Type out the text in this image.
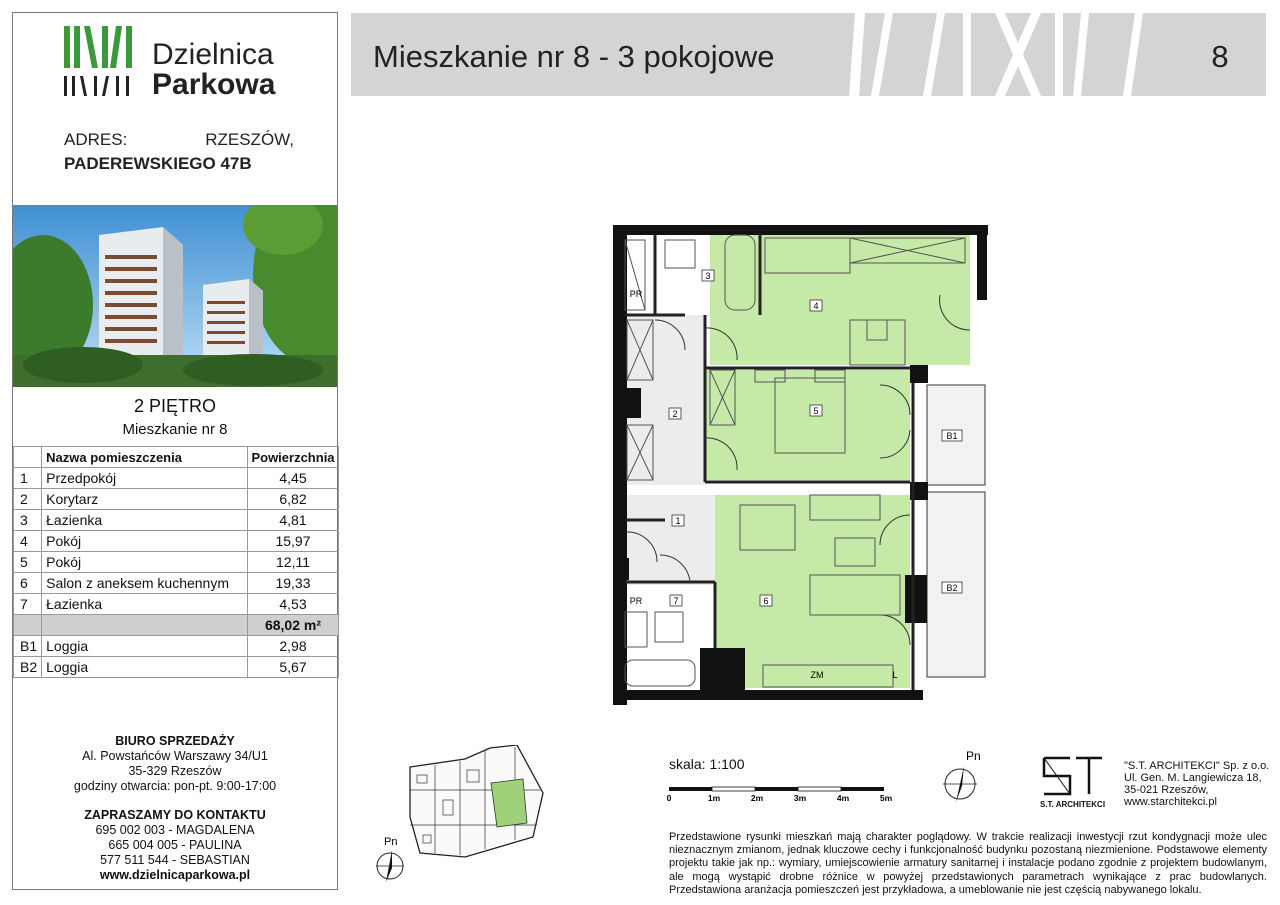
Dzielnica
Parkowa
ADRES:	RZESZÓW,
PADEREWSKIEGO 47B
2 PIĘTRO
Mieszkanie nr 8
	Nazwa pomieszczenia	Powierzchnia
1	Przedpokój	4,45
2	Korytarz	6,82
3	Łazienka	4,81
4	Pokój	15,97
5	Pokój	12,11
6	Salon z aneksem kuchennym	19,33
7	Łazienka	4,53
		68,02 m²
B1	Loggia	2,98
B2	Loggia	5,67
BIURO SPRZEDAŻY
Al. Powstańców Warszawy 34/U1
35-329 Rzeszów
godziny otwarcia: pon-pt. 9:00-17:00
ZAPRASZAMY DO KONTAKTU
695 002 003 - MAGDALENA
665 004 005 - PAULINA
577 511 544 - SEBASTIAN
www.dzielnicaparkowa.pl
Mieszkanie nr 8 - 3 pokojowe	8
2
1
3
4
5
6
7
B1
B2
PR
PR
ZM	L
skala: 1:100
0	1m	2m	3m	4m	5m
Pn
Pn
S.T. ARCHITEKCI
"S.T. ARCHITEKCI" Sp. z o.o.
Ul. Gen. M. Langiewicza 18,
35-021 Rzeszów,
www.starchitekci.pl
Przedstawione rysunki mieszkań mają charakter poglądowy. W trakcie realizacji inwestycji rzut kondygnacji może ulec nieznacznym zmianom, jednak kluczowe cechy i funkcjonalność budynku pozostaną niezmienione. Podstawowe elementy projektu takie jak np.: wymiary, umiejscowienie armatury sanitarnej i instalacje podano zgodnie z projektem budowlanym, ale mogą wystąpić drobne różnice w powyżej przedstawionych parametrach wynikające z prac budowlanych. Przedstawiona aranżacja pomieszczeń jest przykładowa, a umeblowanie nie jest częścią nabywanego lokalu.
